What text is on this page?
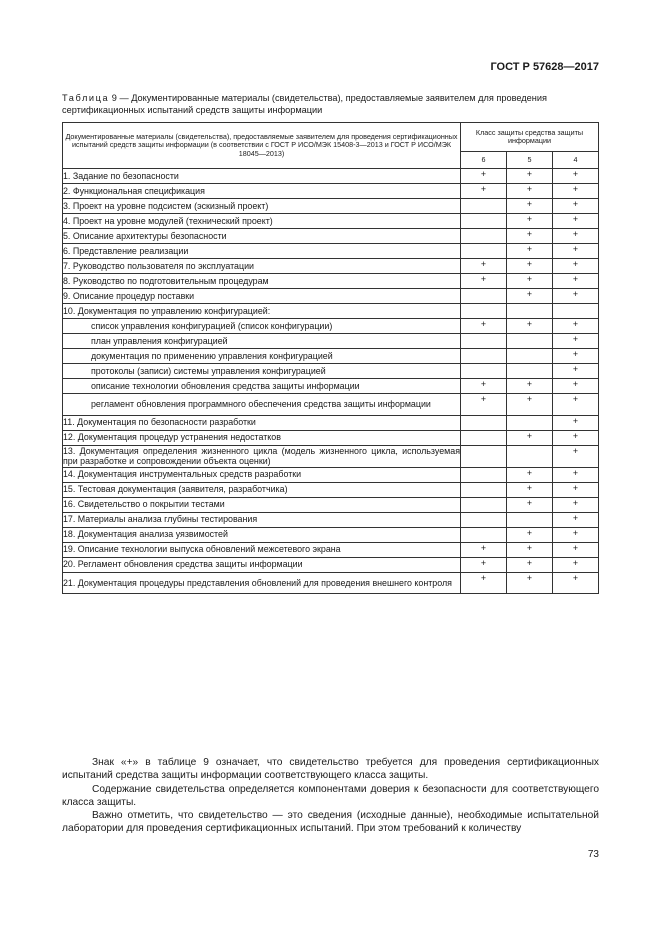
ГОСТ Р 57628—2017
Таблица 9 — Документированные материалы (свидетельства), предоставляемые заявителем для проведения сертификационных испытаний средств защиты информации
Документированные материалы (свидетельства), предоставляемые заявителем для проведения сертификационных испытаний средств защиты информации (в соответствии с ГОСТ Р ИСО/МЭК 15408-3—2013 и ГОСТ Р ИСО/МЭК 18045—2013)	Класс защиты средства защиты информации		
	6	5	4
1. Задание по безопасности	+	+	+
2. Функциональная спецификация	+	+	+
3. Проект на уровне подсистем (эскизный проект)		+	+
4. Проект на уровне модулей (технический проект)		+	+
5. Описание архитектуры безопасности		+	+
6. Представление реализации		+	+
7. Руководство пользователя по эксплуатации	+	+	+
8. Руководство по подготовительным процедурам	+	+	+
9. Описание процедур поставки		+	+
10. Документация по управлению конфигурацией:			
список управления конфигурацией (список конфигурации)	+	+	+
план управления конфигурацией			+
документация по применению управления конфигурацией			+
протоколы (записи) системы управления конфигурацией			+
описание технологии обновления средства защиты информации	+	+	+
регламент обновления программного обеспечения средства защиты информации	+	+	+
11. Документация по безопасности разработки			+
12. Документация процедур устранения недостатков		+	+
13. Документация определения жизненного цикла (модель жизненного цикла, используемая при разработке и сопровождении объекта оценки)			+
14. Документация инструментальных средств разработки		+	+
15. Тестовая документация (заявителя, разработчика)		+	+
16. Свидетельство о покрытии тестами		+	+
17. Материалы анализа глубины тестирования			+
18. Документация анализа уязвимостей		+	+
19. Описание технологии выпуска обновлений межсетевого экрана	+	+	+
20. Регламент обновления средства защиты информации	+	+	+
21. Документация процедуры представления обновлений для проведения внешнего контроля	+	+	+

Знак «+» в таблице 9 означает, что свидетельство требуется для проведения сертификационных испытаний средства защиты информации соответствующего класса защиты.

Содержание свидетельства определяется компонентами доверия к безопасности для соответствующего класса защиты.

Важно отметить, что свидетельство — это сведения (исходные данные), необходимые испытательной лаборатории для проведения сертификационных испытаний. При этом требований к количеству

73
